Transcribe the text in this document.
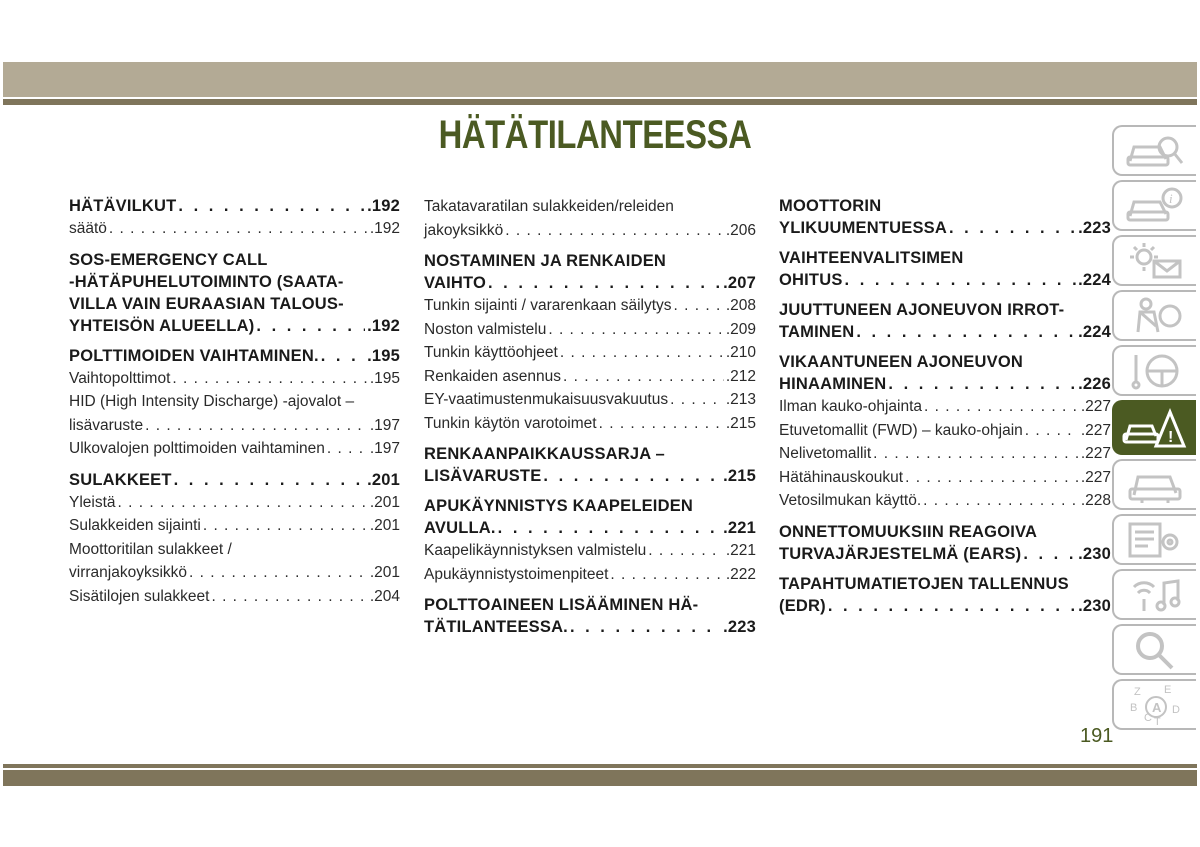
HÄTÄTILANTEESSA
HÄTÄVILKUT . . .	.192
säätö . . .	.192
SOS-EMERGENCY CALL
-HÄTÄPUHELUTOIMINTO (SAATA-
VILLA VAIN EURAASIAN TALOUS-
YHTEISÖN ALUEELLA) . . .	.192
POLTTIMOIDEN VAIHTAMINEN. . . .	.195
Vaihtopolttimot . . .	.195
HID (High Intensity Discharge) -ajovalot –
lisävaruste . . .	.197
Ulkovalojen polttimoiden vaihtaminen . . .	.197
SULAKKEET . . .	.201
Yleistä . . .	.201
Sulakkeiden sijainti . . .	.201
Moottoritilan sulakkeet /
virranjakoyksikkö . . .	.201
Sisätilojen sulakkeet . . .	.204
Takatavaratilan sulakkeiden/releiden
jakoyksikkö . . .	.206
NOSTAMINEN JA RENKAIDEN
VAIHTO . . .	.207
Tunkin sijainti / vararenkaan säilytys . . .	.208
Noston valmistelu . . .	.209
Tunkin käyttöohjeet . . .	.210
Renkaiden asennus . . .	.212
EY-vaatimustenmukaisuusvakuutus . . .	.213
Tunkin käytön varotoimet . . .	.215
RENKAANPAIKKAUSSARJA –
LISÄVARUSTE . . .	.215
APUKÄYNNISTYS KAAPELEIDEN
AVULLA. . . .	.221
Kaapelikäynnistyksen valmistelu . . .	.221
Apukäynnistystoimenpiteet . . .	.222
POLTTOAINEEN LISÄÄMINEN HÄ-
TÄTILANTEESSA. . . .	.223
MOOTTORIN
YLIKUUMENTUESSA . . .	.223
VAIHTEENVALITSIMEN
OHITUS . . .	.224
JUUTTUNEEN AJONEUVON IRROT-
TAMINEN . . .	.224
VIKAANTUNEEN AJONEUVON
HINAAMINEN . . .	.226
Ilman kauko-ohjainta . . .	.227
Etuvetomallit (FWD) – kauko-ohjain . . .	.227
Nelivetomallit . . .	.227
Hätähinauskoukut . . .	.227
Vetosilmukan käyttö. . . .	.228
ONNETTOMUUKSIIN REAGOIVA
TURVAJÄRJESTELMÄ (EARS) . . .	.230
TAPAHTUMATIETOJEN TALLENNUS
(EDR) . . .	.230
i
!
Z E
B
C T
D
A
191
